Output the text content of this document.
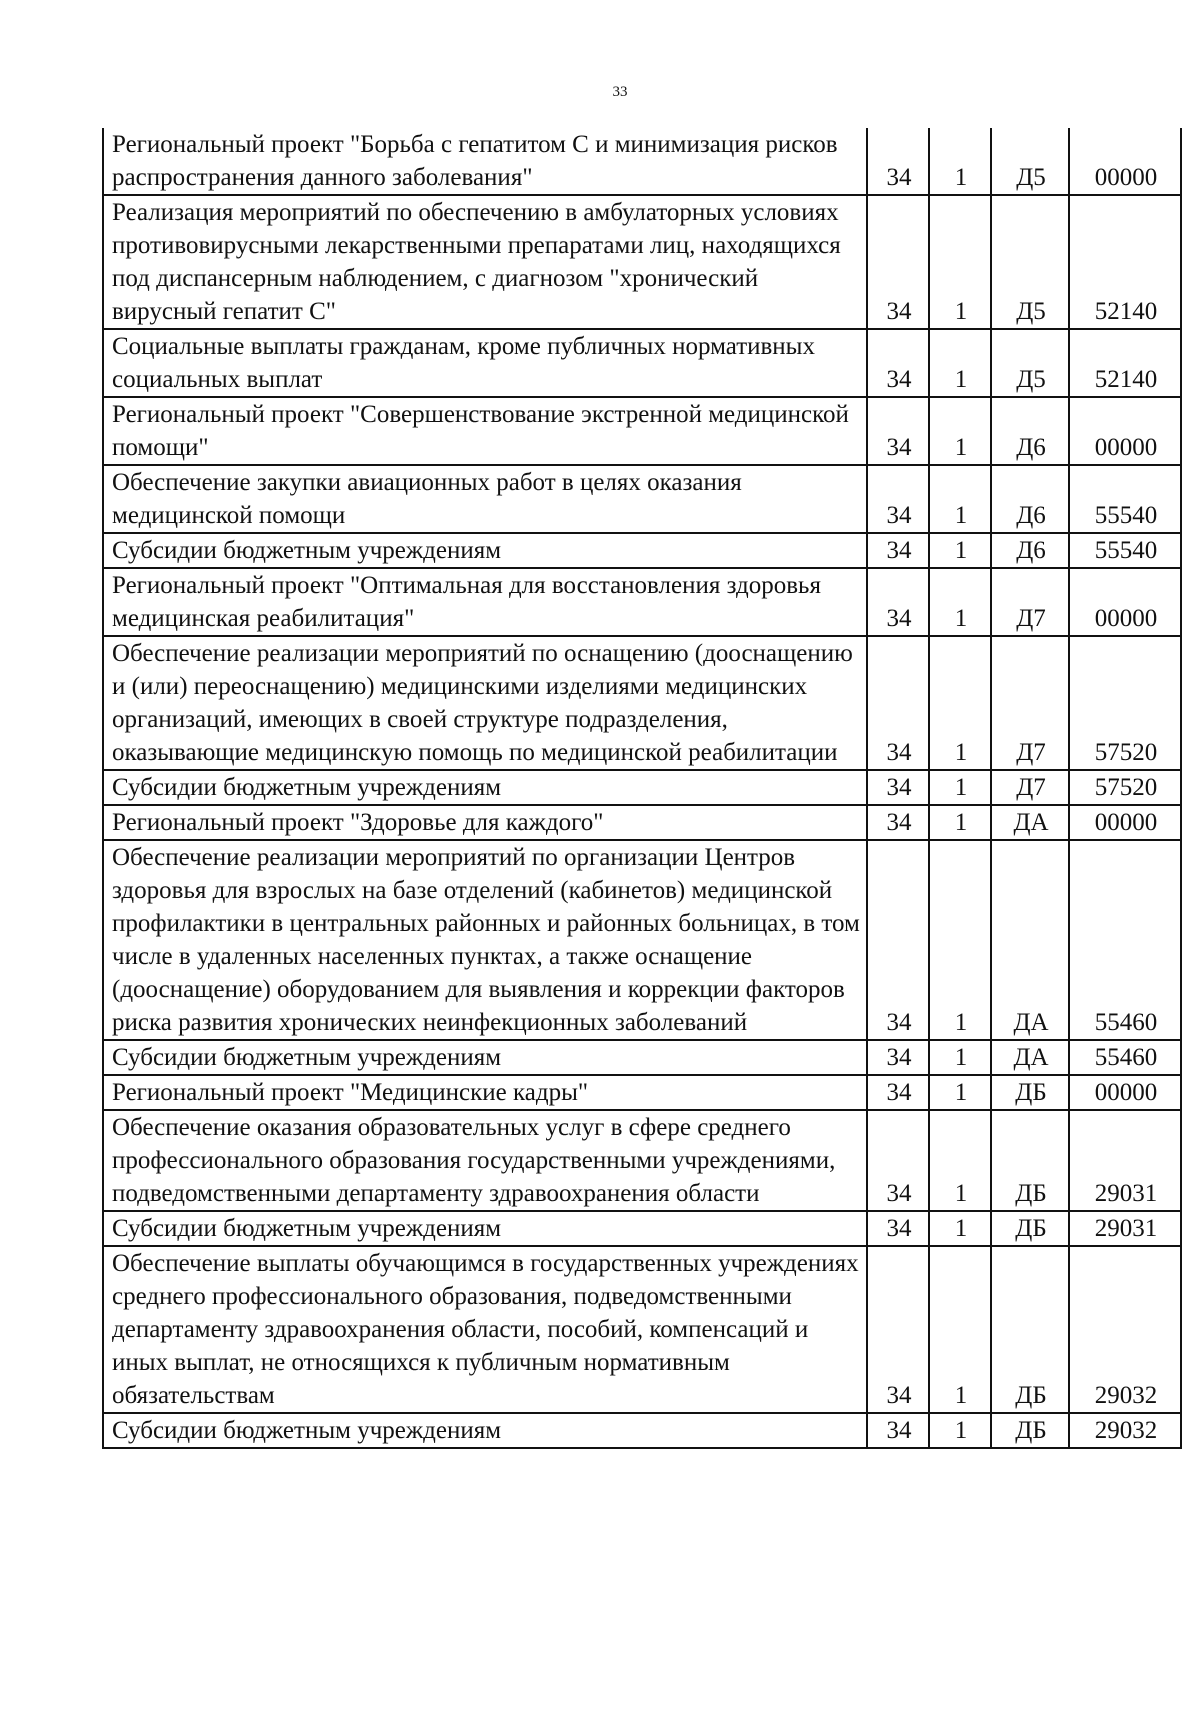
33
Региональный проект "Борьба с гепатитом С и минимизация рисков распространения данного заболевания"	34	1	Д5	00000
Реализация мероприятий по обеспечению в амбулаторных условиях противовирусными лекарственными препаратами лиц, находящихся под диспансерным наблюдением, с диагнозом "хронический вирусный гепатит С"	34	1	Д5	52140
Социальные выплаты гражданам, кроме публичных нормативных социальных выплат	34	1	Д5	52140
Региональный проект "Совершенствование экстренной медицинской помощи"	34	1	Д6	00000
Обеспечение закупки авиационных работ в целях оказания медицинской помощи	34	1	Д6	55540
Субсидии бюджетным учреждениям	34	1	Д6	55540
Региональный проект "Оптимальная для восстановления здоровья медицинская реабилитация"	34	1	Д7	00000
Обеспечение реализации мероприятий по оснащению (дооснащению и (или) переоснащению) медицинскими изделиями медицинских организаций, имеющих в своей структуре подразделения, оказывающие медицинскую помощь по медицинской реабилитации	34	1	Д7	57520
Субсидии бюджетным учреждениям	34	1	Д7	57520
Региональный проект "Здоровье для каждого"	34	1	ДА	00000
Обеспечение реализации мероприятий по организации Центров здоровья для взрослых на базе отделений (кабинетов) медицинской профилактики в центральных районных и районных больницах, в том числе в удаленных населенных пунктах, а также оснащение (дооснащение) оборудованием для выявления и коррекции факторов риска развития хронических неинфекционных заболеваний	34	1	ДА	55460
Субсидии бюджетным учреждениям	34	1	ДА	55460
Региональный проект "Медицинские кадры"	34	1	ДБ	00000
Обеспечение оказания образовательных услуг в сфере среднего профессионального образования государственными учреждениями, подведомственными департаменту здравоохранения области	34	1	ДБ	29031
Субсидии бюджетным учреждениям	34	1	ДБ	29031
Обеспечение выплаты обучающимся в государственных учреждениях среднего профессионального образования, подведомственными департаменту здравоохранения области, пособий, компенсаций и иных выплат, не относящихся к публичным нормативным обязательствам	34	1	ДБ	29032
Субсидии бюджетным учреждениям	34	1	ДБ	29032
